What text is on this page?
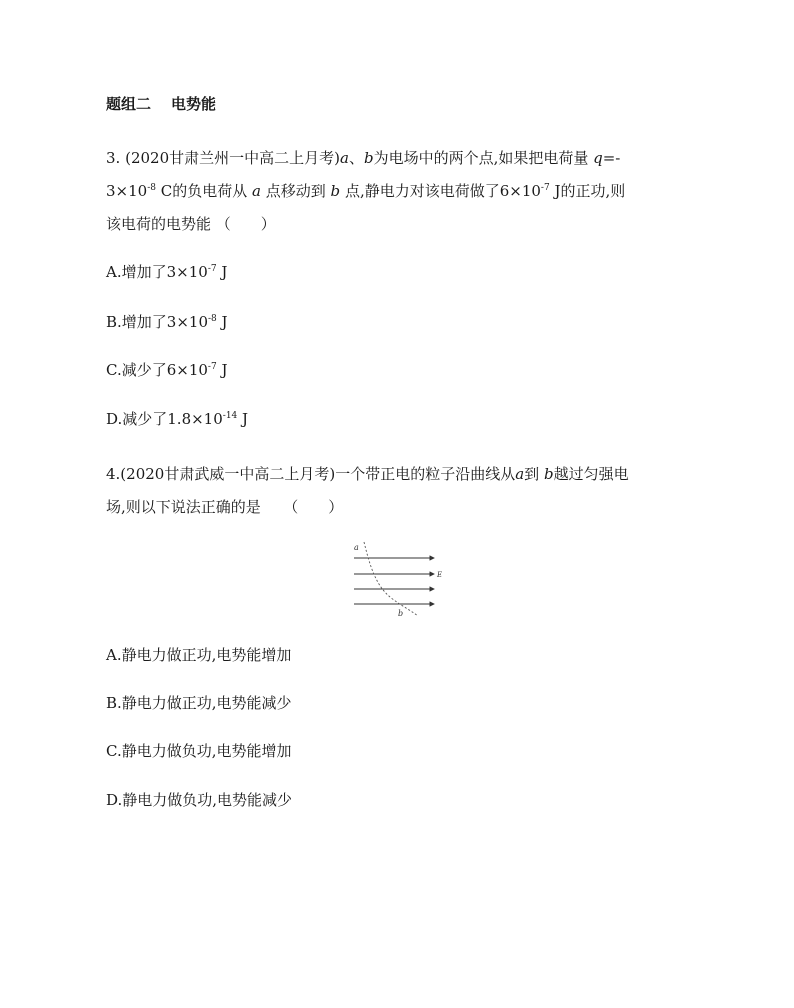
题组二 电势能
3. (2020甘肃兰州一中高二上月考)a、b为电场中的两个点,如果把电荷量 q=-
$3\times 10^{-8}$ C的负电荷从 a 点移动到 b 点,静电力对该电荷做了$6\times 10^{-7}$ J的正功,则
该电荷的电势能 （　　）
A.增加了$3\times 10^{-7}$ J
B.增加了$3\times 10^{-8}$ J
C.减少了$6\times 10^{-7}$ J
D.减少了$1.8\times 10^{-14}$ J
4.(2020甘肃武威一中高二上月考)一个带正电的粒子沿曲线从a到 b越过匀强电
场,则以下说法正确的是　　（　　）
a
b
E
A.静电力做正功,电势能增加
B.静电力做正功,电势能减少
C.静电力做负功,电势能增加
D.静电力做负功,电势能减少
